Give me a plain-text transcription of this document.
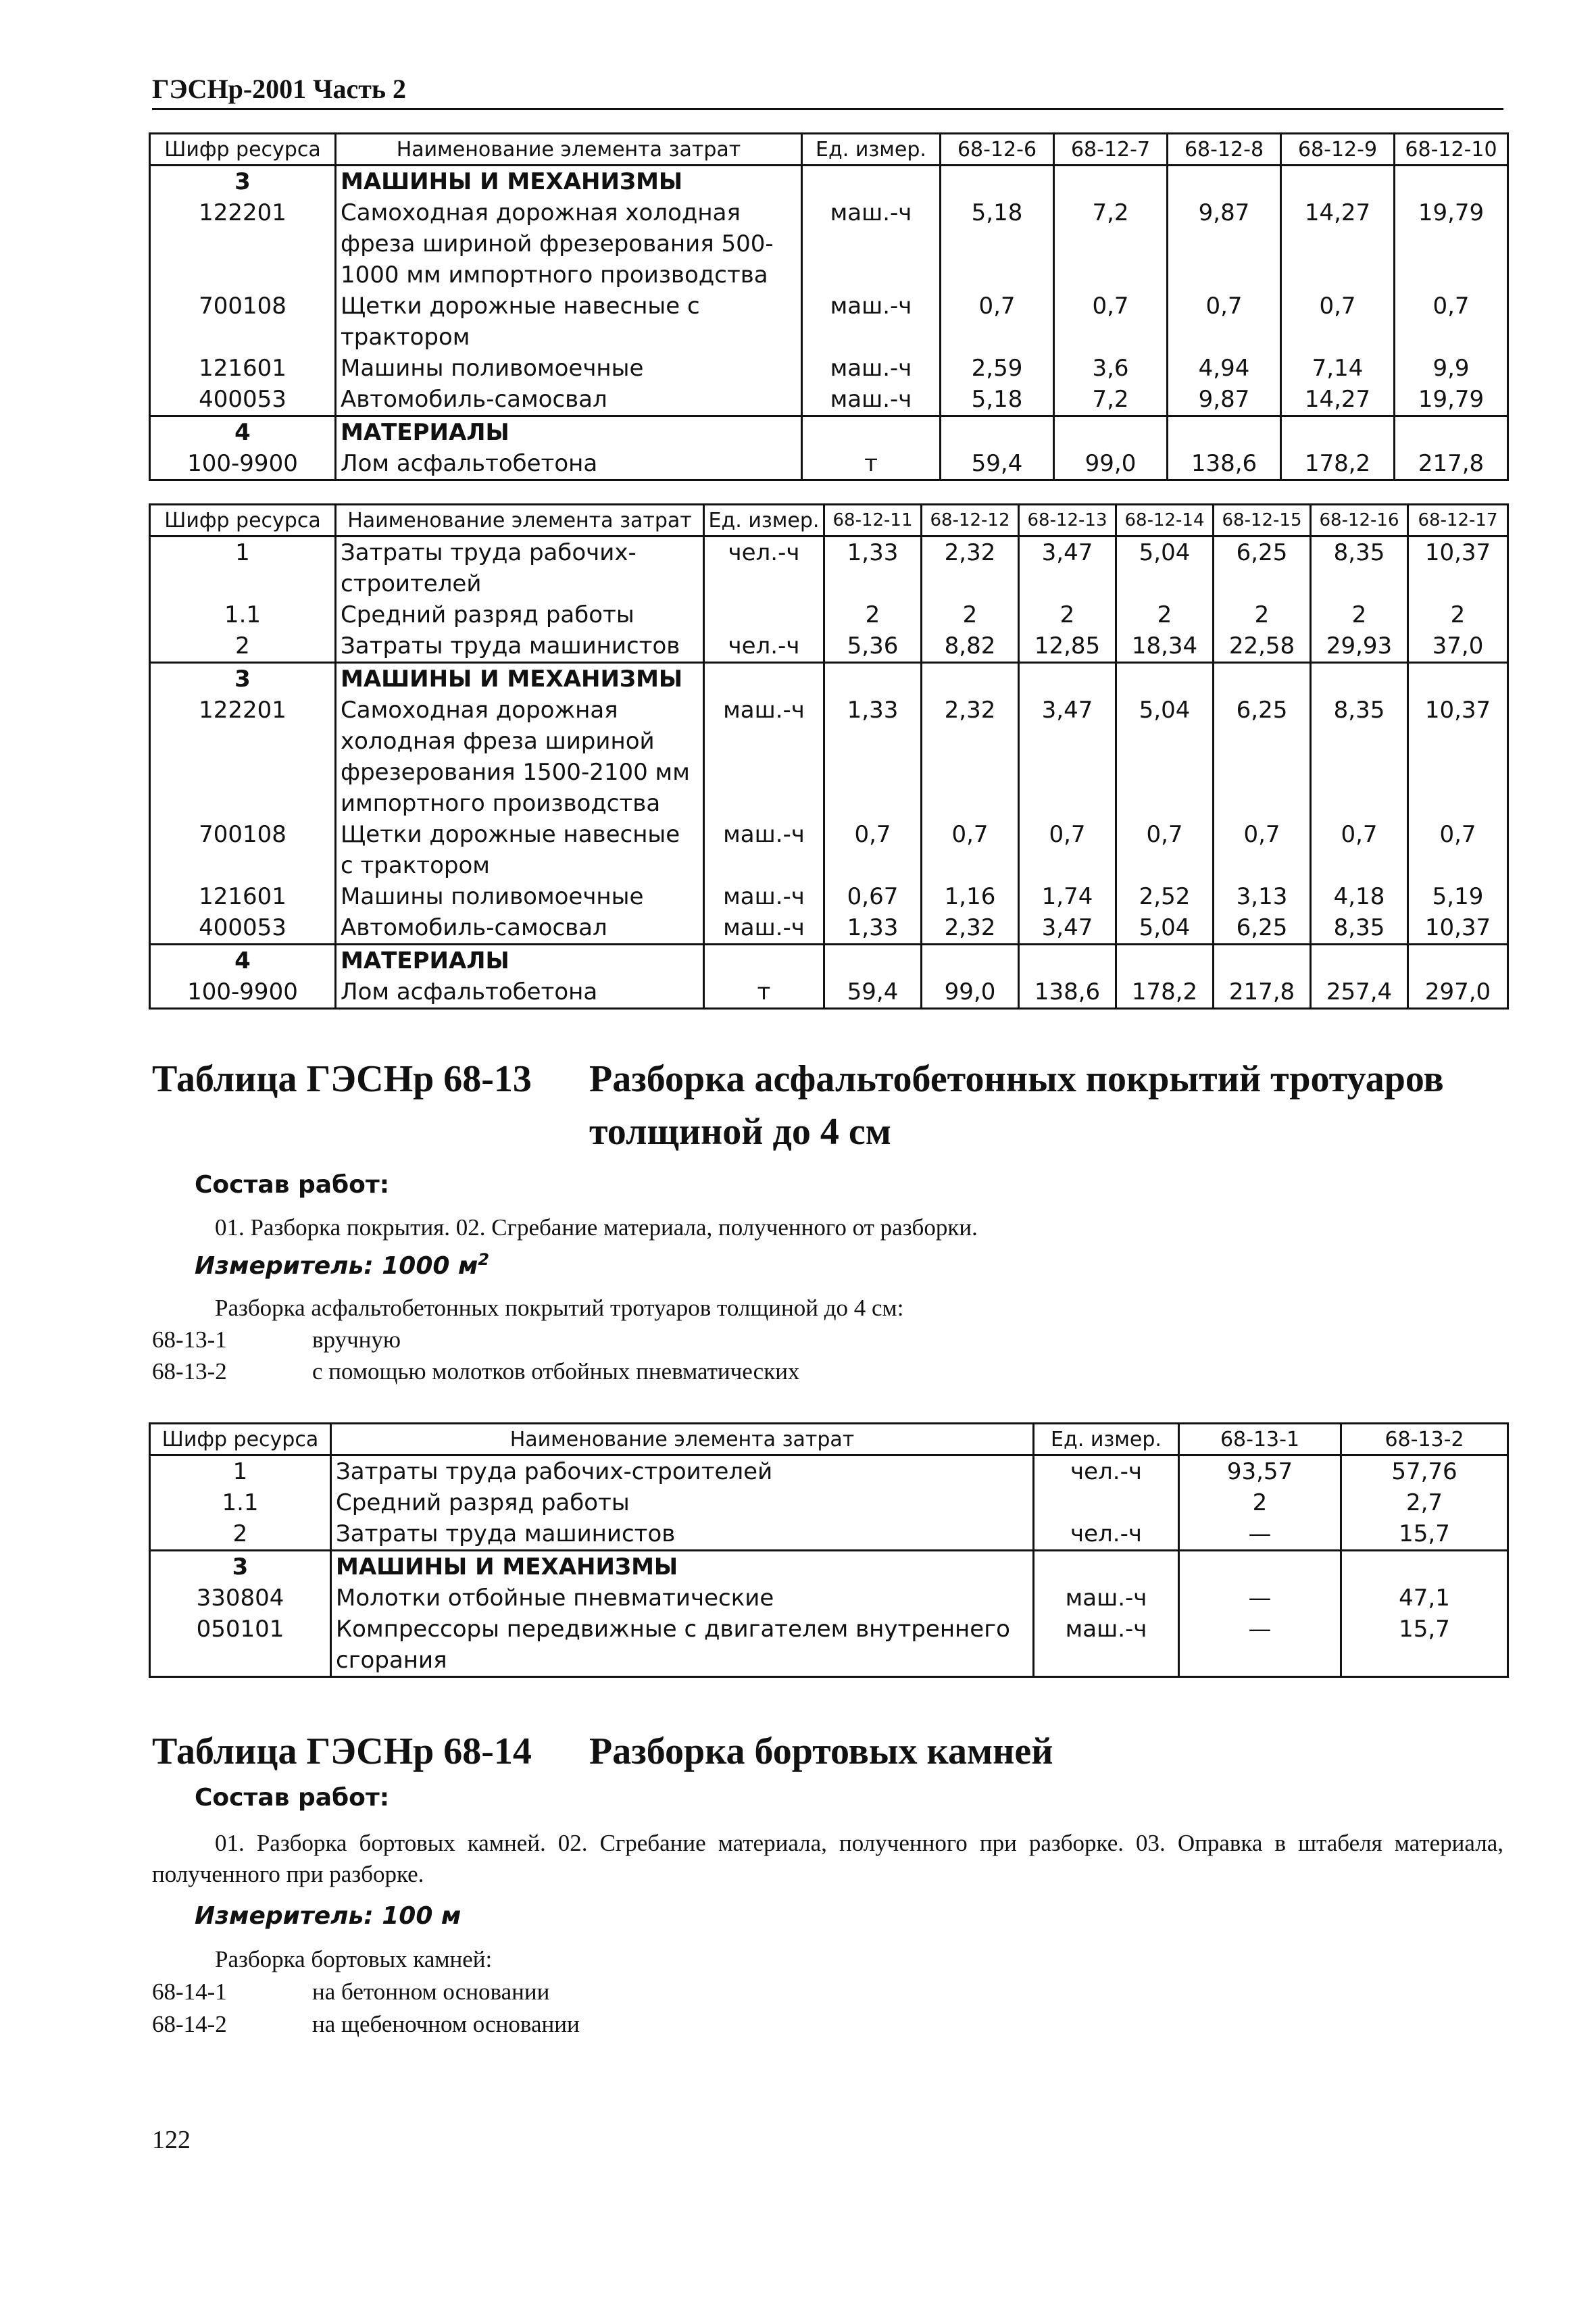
ГЭСНр-2001 Часть 2
Шифр ресурса	Наименование элемента затрат	Ед. измер.	68-12-6	68-12-7	68-12-8	68-12-9	68-12-10
3	МАШИНЫ И МЕХАНИЗМЫ						
122201	Самоходная дорожная холодная фреза шириной фрезерования 500-1000 мм импортного производства	маш.-ч	5,18	7,2	9,87	14,27	19,79
700108	Щетки дорожные навесные с трактором	маш.-ч	0,7	0,7	0,7	0,7	0,7
121601	Машины поливомоечные	маш.-ч	2,59	3,6	4,94	7,14	9,9
400053	Автомобиль-самосвал	маш.-ч	5,18	7,2	9,87	14,27	19,79
4	МАТЕРИАЛЫ						
100-9900	Лом асфальтобетона	т	59,4	99,0	138,6	178,2	217,8
Шифр ресурса	Наименование элемента затрат	Ед. измер.	68-12-11	68-12-12	68-12-13	68-12-14	68-12-15	68-12-16	68-12-17
1	Затраты труда рабочих-строителей	чел.-ч	1,33	2,32	3,47	5,04	6,25	8,35	10,37
1.1	Средний разряд работы		2	2	2	2	2	2	2
2	Затраты труда машинистов	чел.-ч	5,36	8,82	12,85	18,34	22,58	29,93	37,0
3	МАШИНЫ И МЕХАНИЗМЫ								
122201	Самоходная дорожная холодная фреза шириной фрезерования 1500-2100 мм импортного производства	маш.-ч	1,33	2,32	3,47	5,04	6,25	8,35	10,37
700108	Щетки дорожные навесные с трактором	маш.-ч	0,7	0,7	0,7	0,7	0,7	0,7	0,7
121601	Машины поливомоечные	маш.-ч	0,67	1,16	1,74	2,52	3,13	4,18	5,19
400053	Автомобиль-самосвал	маш.-ч	1,33	2,32	3,47	5,04	6,25	8,35	10,37
4	МАТЕРИАЛЫ								
100-9900	Лом асфальтобетона	т	59,4	99,0	138,6	178,2	217,8	257,4	297,0
Таблица ГЭСНр 68-13 Разборка асфальтобетонных покрытий тротуаров
толщиной до 4 см
Состав работ:
01. Разборка покрытия. 02. Сгребание материала, полученного от разборки.
Измеритель: 1000 $м^2$
Разборка асфальтобетонных покрытий тротуаров толщиной до 4 см:
68-13-1	вручную
68-13-2	с помощью молотков отбойных пневматических
Шифр ресурса	Наименование элемента затрат	Ед. измер.	68-13-1	68-13-2
1	Затраты труда рабочих-строителей	чел.-ч	93,57	57,76
1.1	Средний разряд работы		2	2,7
2	Затраты труда машинистов	чел.-ч	—	15,7
3	МАШИНЫ И МЕХАНИЗМЫ			
330804	Молотки отбойные пневматические	маш.-ч	—	47,1
050101	Компрессоры передвижные с двигателем внутреннего сгорания	маш.-ч	—	15,7
Таблица ГЭСНр 68-14 Разборка бортовых камней
Состав работ:
01. Разборка бортовых камней. 02. Сгребание материала, полученного при разборке. 03. Оправка в штабеля материала, полученного при разборке.
Измеритель: 100 м
Разборка бортовых камней:
68-14-1	на бетонном основании
68-14-2	на щебеночном основании
122
